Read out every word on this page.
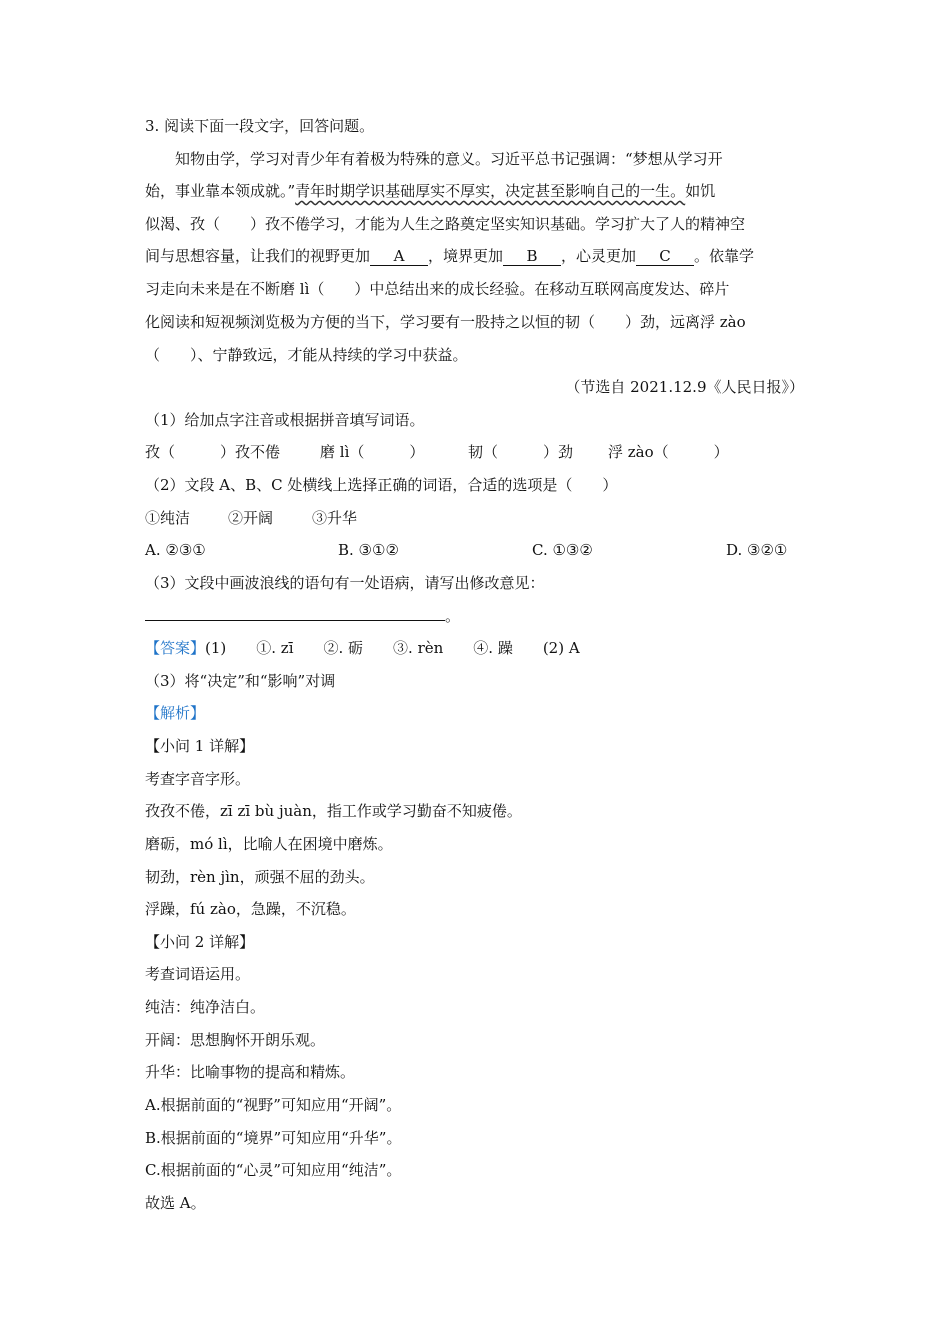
3. 阅读下面一段文字，回答问题。
知物由学，学习对青少年有着极为特殊的意义。习近平总书记强调：“梦想从学习开
始，事业靠本领成就。”青年时期学识基础厚实不厚实，决定甚至影响自己的一生。如饥
似渴、孜（　　）孜不倦学习，才能为人生之路奠定坚实知识基础。学习扩大了人的精神空
间与思想容量，让我们的视野更加 A ，境界更加 B ，心灵更加 C 。依靠学
习走向未来是在不断磨 lì（　　）中总结出来的成长经验。在移动互联网高度发达、碎片
化阅读和短视频浏览极为方便的当下，学习要有一股持之以恒的韧（　　）劲，远离浮 zào
（　　）、宁静致远，才能从持续的学习中获益。
（节选自 2021.12.9《人民日报》）
（1）给加点字注音或根据拼音填写词语。
孜（　　　）孜不倦	磨 lì（　　　）	韧（　　　）劲 浮 zào（　　　）
（2）文段 A、B、C 处横线上选择正确的词语，合适的选项是（　　）
①纯洁	②开阔	③升华
A. ②③①	B. ③①②	C. ①③②	D. ③②①
（3）文段中画波浪线的语句有一处语病，请写出修改意见：
。
【答案】(1)　　①. zī　　②. 砺　　③. rèn　　④. 躁　　(2) A
（3）将“决定”和“影响”对调
【解析】
【小问 1 详解】
考查字音字形。
孜孜不倦，zī zī bù juàn，指工作或学习勤奋不知疲倦。
磨砺，mó lì，比喻人在困境中磨炼。
韧劲，rèn jìn，顽强不屈的劲头。
浮躁，fú zào，急躁，不沉稳。
【小问 2 详解】
考查词语运用。
纯洁：纯净洁白。
开阔：思想胸怀开朗乐观。
升华：比喻事物的提高和精炼。
A.根据前面的“视野”可知应用“开阔”。
B.根据前面的“境界”可知应用“升华”。
C.根据前面的“心灵”可知应用“纯洁”。
故选 A。
